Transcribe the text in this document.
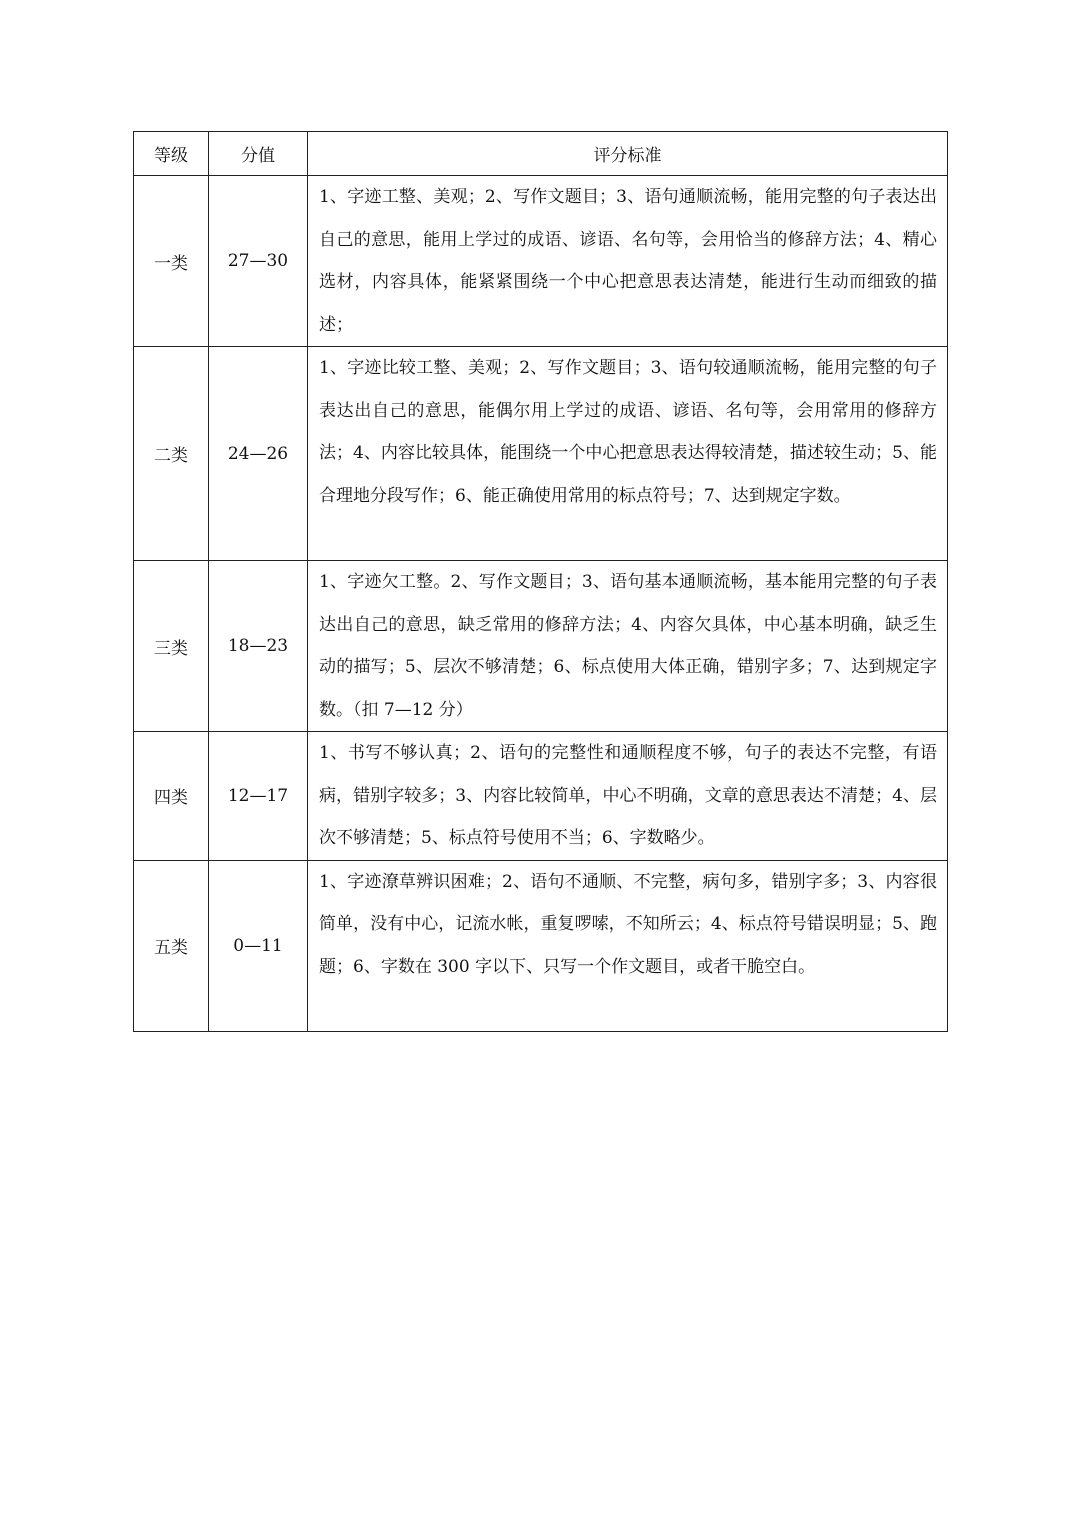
等级	分值	评分标准
一类	27—30	1、字迹工整、美观；2、写作文题目；3、语句通顺流畅，能用完整的句子表达出自己的意思，能用上学过的成语、谚语、名句等，会用恰当的修辞方法；4、精心选材，内容具体，能紧紧围绕一个中心把意思表达清楚，能进行生动而细致的描述；
二类	24—26	1、字迹比较工整、美观；2、写作文题目；3、语句较通顺流畅，能用完整的句子表达出自己的意思，能偶尔用上学过的成语、谚语、名句等，会用常用的修辞方法；4、内容比较具体，能围绕一个中心把意思表达得较清楚，描述较生动；5、能合理地分段写作；6、能正确使用常用的标点符号；7、达到规定字数。
三类	18—23	1、字迹欠工整。2、写作文题目；3、语句基本通顺流畅，基本能用完整的句子表达出自己的意思，缺乏常用的修辞方法；4、内容欠具体，中心基本明确，缺乏生动的描写；5、层次不够清楚；6、标点使用大体正确，错别字多；7、达到规定字数。（扣 7—12 分）
四类	12—17	1、书写不够认真；2、语句的完整性和通顺程度不够，句子的表达不完整，有语病，错别字较多；3、内容比较简单，中心不明确，文章的意思表达不清楚；4、层次不够清楚；5、标点符号使用不当；6、字数略少。
五类	0—11	1、字迹潦草辨识困难；2、语句不通顺、不完整，病句多，错别字多；3、内容很简单，没有中心，记流水帐，重复啰嗦，不知所云；4、标点符号错误明显；5、跑题；6、字数在 300 字以下、只写一个作文题目，或者干脆空白。
